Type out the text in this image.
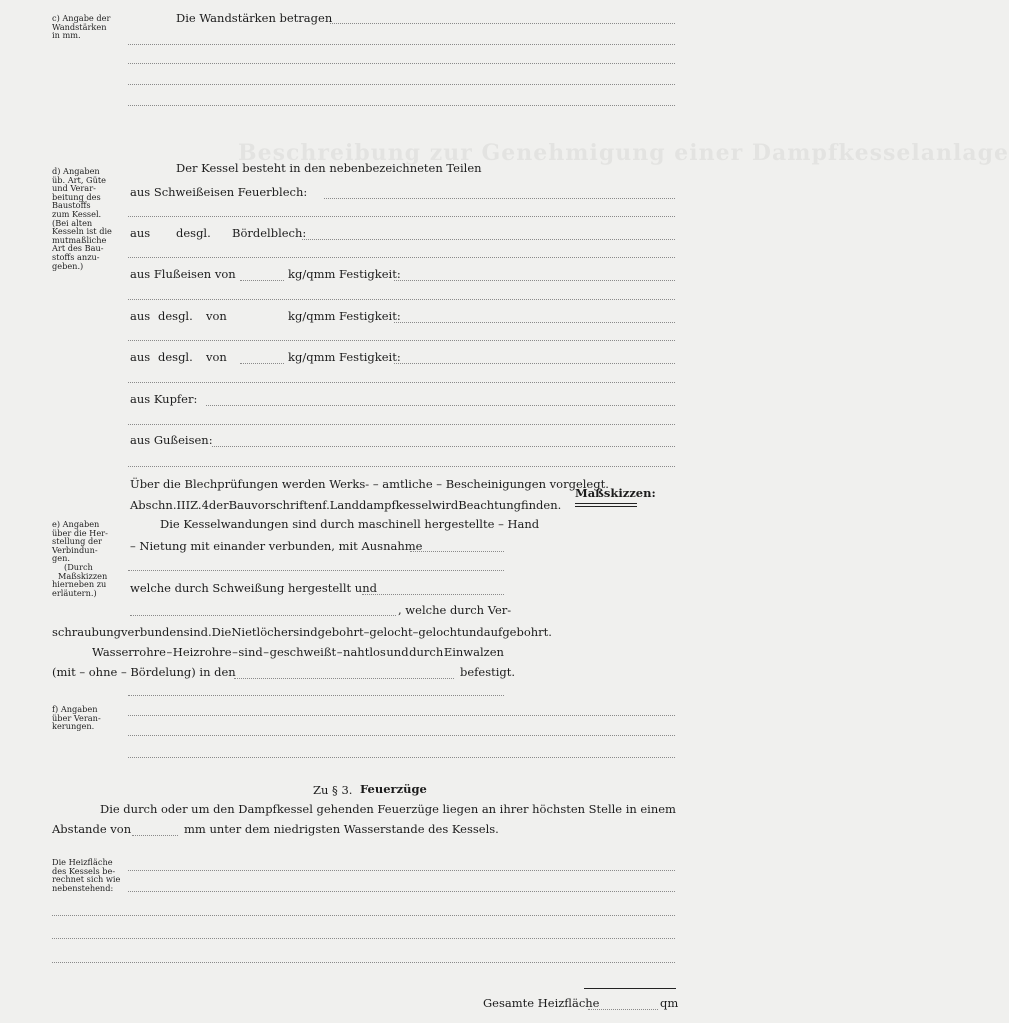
Beschreibung zur Genehmigung einer Dampfkesselanlage
c) Angabe der
Wandstärken
in mm.
Die Wandstärken betragen
d) Angaben
üb. Art, Güte
und Verar-
beitung des
Baustoffs
zum Kessel.
(Bei alten
Kesseln ist die
mutmaßliche
Art des Bau-
stoffs anzu-
geben.)
Der Kessel besteht in den nebenbezeichneten Teilen
aus Schweißeisen Feuerblech:
aus desgl. Bördelblech:
aus Flußeisen von	kg/qmm Festigkeit:
aus desgl. von	kg/qmm Festigkeit:
aus desgl. von	kg/qmm Festigkeit:
aus Kupfer:
aus Gußeisen:
Über die Blechprüfungen werden Werks- – amtliche – Bescheinigungen vorgelegt.
Abschn. III Z. 4 der Bauvorschriften f. Landdampfkessel wird Beachtung finden.
Maßskizzen:
e) Angaben
über die Her-
stellung der
Verbindun-
gen.
(Durch
Maßskizzen
hierneben zu
erläutern.)
Die Kesselwandungen sind durch maschinell hergestellte – Hand
– Nietung mit einander verbunden, mit Ausnahme
welche durch Schweißung hergestellt und
, welche durch Ver-
schraubung verbunden sind. Die Nietlöcher sind gebohrt – gelocht – gelocht und aufgebohrt.
Wasserrohre – Heizrohre – sind – geschweißt – nahtlos und durch Einwalzen
(mit – ohne – Bördelung) in den	befestigt.
f) Angaben
über Veran-
kerungen.
Zu § 3. Feuerzüge
Die durch oder um den Dampfkessel gehenden Feuerzüge liegen an ihrer höchsten Stelle in einem
Abstande von	mm unter dem niedrigsten Wasserstande des Kessels.
Die Heizfläche
des Kessels be-
rechnet sich wie
nebenstehend:
Gesamte Heizfläche	qm
